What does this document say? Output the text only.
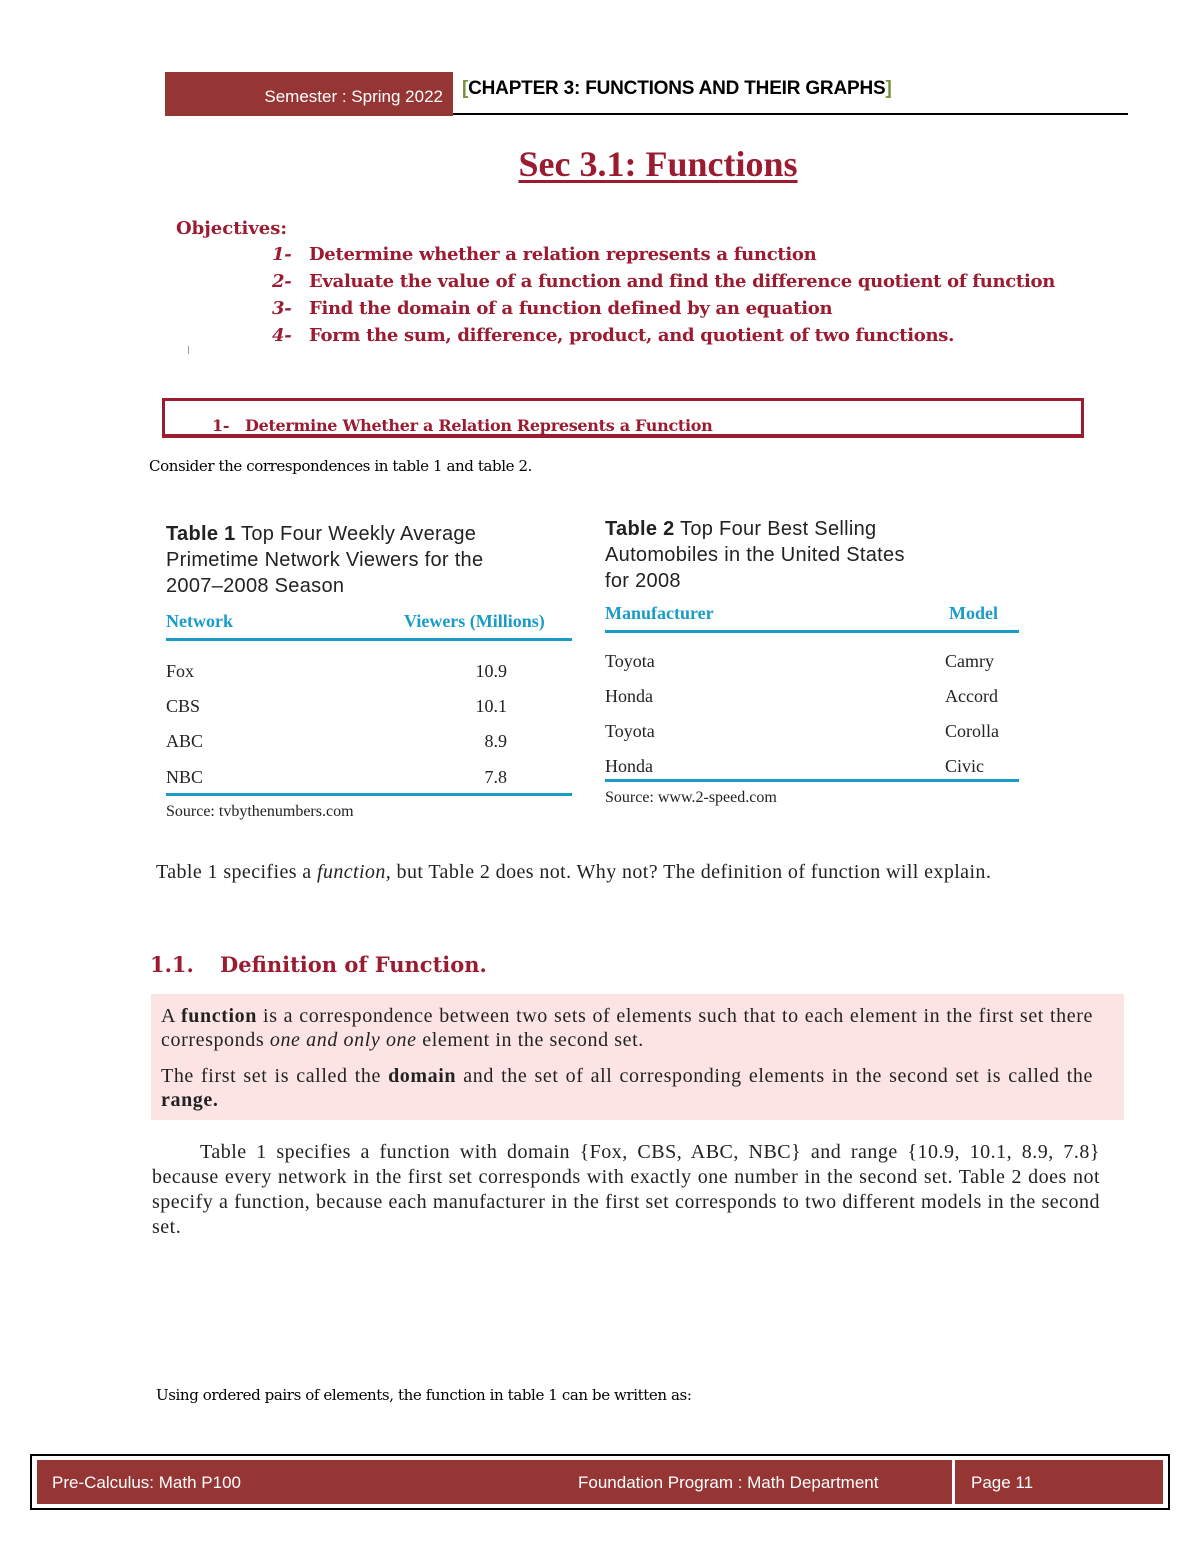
Semester : Spring 2022	[CHAPTER 3: FUNCTIONS AND THEIR GRAPHS]
Sec 3.1: Functions
Objectives:
1- Determine whether a relation represents a function
2- Evaluate the value of a function and find the difference quotient of function
3- Find the domain of a function defined by an equation
4- Form the sum, difference, product, and quotient of two functions.
1- Determine Whether a Relation Represents a Function
Consider the correspondences in table 1 and table 2.
Table 1 Top Four Weekly Average
Primetime Network Viewers for the
2007–2008 Season
Network	Viewers (Millions)
Fox	10.9
CBS	10.1
ABC	8.9
NBC	7.8
Source: tvbythenumbers.com
Table 2 Top Four Best Selling
Automobiles in the United States
for 2008
Manufacturer	Model
Toyota	Camry
Honda	Accord
Toyota	Corolla
Honda	Civic
Source: www.2-speed.com
Table 1 specifies a function, but Table 2 does not. Why not? The definition of function will explain.
1.1. Definition of Function.
A function is a correspondence between two sets of elements such that to each element in the first set there corresponds one and only one element in the second set.
The first set is called the domain and the set of all corresponding elements in the second set is called the range.
Table 1 specifies a function with domain {Fox, CBS, ABC, NBC} and range {10.9, 10.1, 8.9, 7.8} because every network in the first set corresponds with exactly one number in the second set. Table 2 does not specify a function, because each manufacturer in the first set corresponds to two different models in the second set.
Using ordered pairs of elements, the function in table 1 can be written as:
Pre-Calculus: Math P100	Foundation Program : Math Department	Page 11
